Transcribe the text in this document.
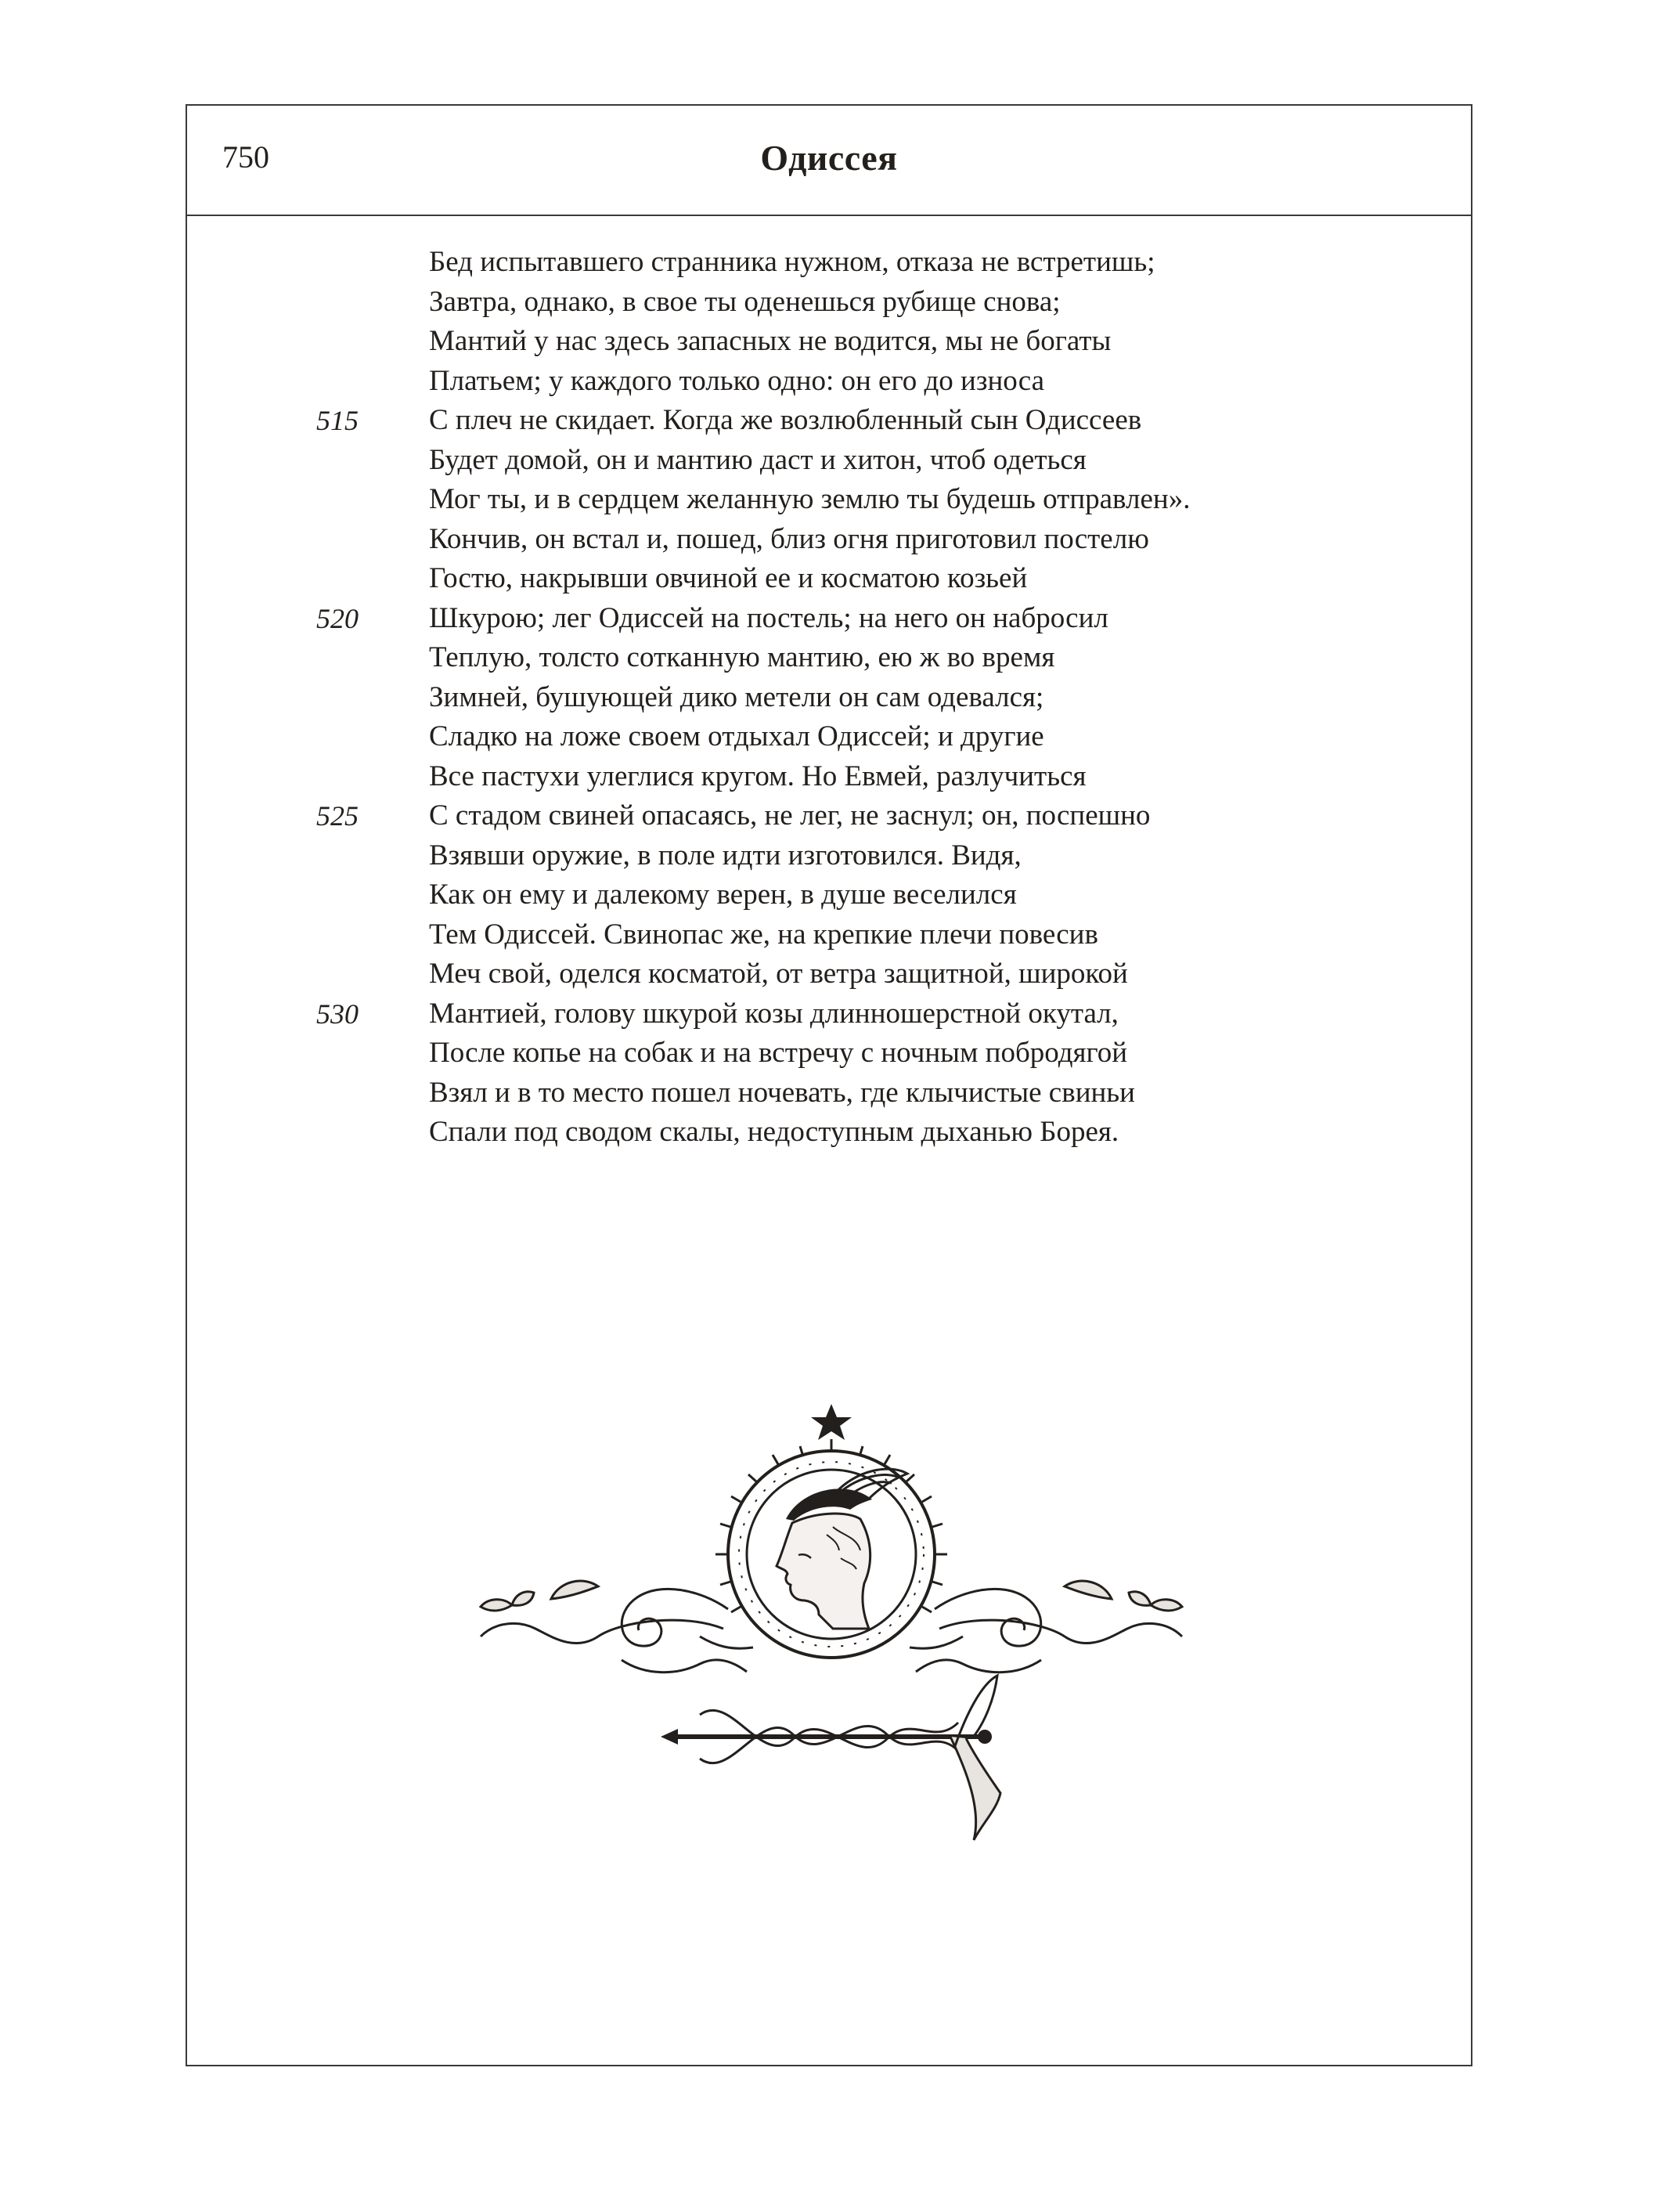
750	Одиссея
Бед испытавшего странника нужном, отказа не встретишь;
Завтра, однако, в свое ты оденешься рубище снова;
Мантий у нас здесь запасных не водится, мы не богаты
Платьем; у каждого только одно: он его до износа
515 С плеч не скидает. Когда же возлюбленный сын Одиссеев
Будет домой, он и мантию даст и хитон, чтоб одеться
Мог ты, и в сердцем желанную землю ты будешь отправлен».
Кончив, он встал и, пошед, близ огня приготовил постелю
Гостю, накрывши овчиной ее и косматою козьей
520 Шкурою; лег Одиссей на постель; на него он набросил
Теплую, толсто сотканную мантию, ею ж во время
Зимней, бушующей дико метели он сам одевался;
Сладко на ложе своем отдыхал Одиссей; и другие
Все пастухи улеглися кругом. Но Евмей, разлучиться
525 С стадом свиней опасаясь, не лег, не заснул; он, поспешно
Взявши оружие, в поле идти изготовился. Видя,
Как он ему и далекому верен, в душе веселился
Тем Одиссей. Свинопас же, на крепкие плечи повесив
Меч свой, оделся косматой, от ветра защитной, широкой
530 Мантией, голову шкурой козы длинношерстной окутал,
После копье на собак и на встречу с ночным побродягой
Взял и в то место пошел ночевать, где клычистые свиньи
Спали под сводом скалы, недоступным дыханью Борея.
